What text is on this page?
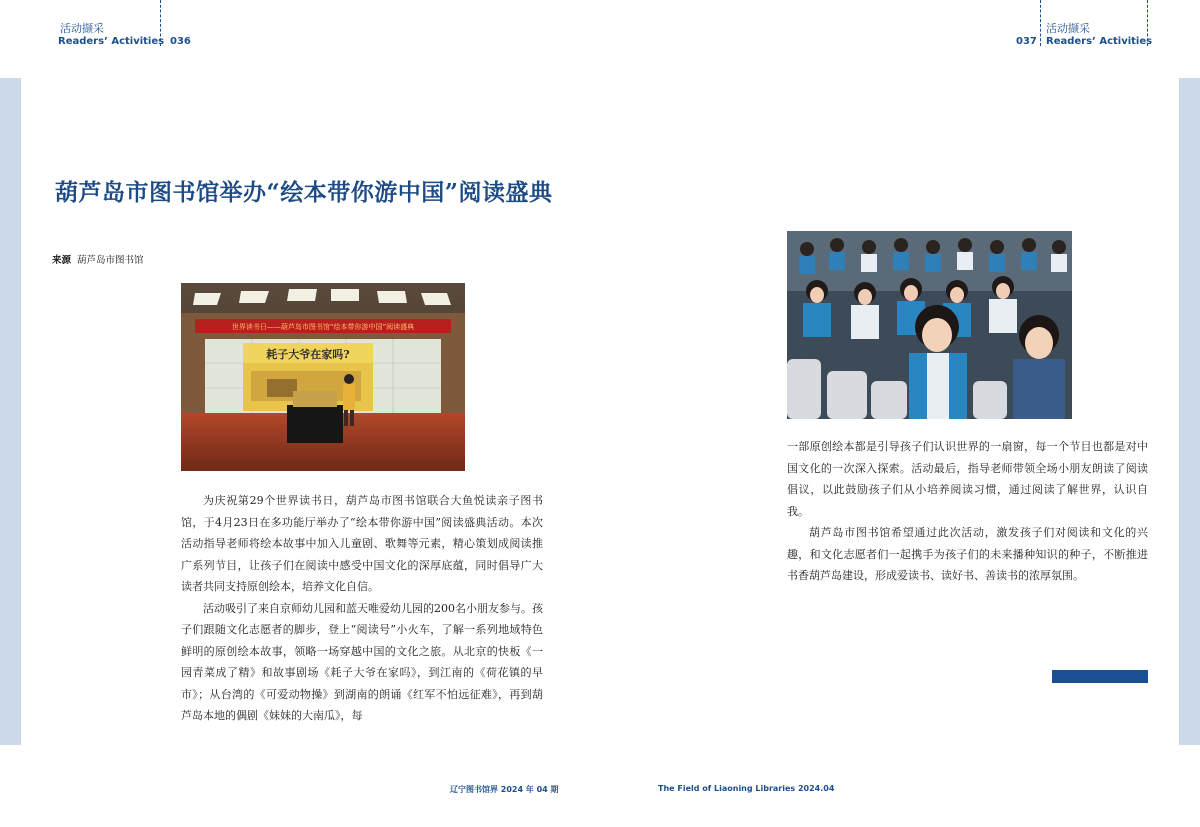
活动撷采
Readers’ Activities 036	037
活动撷采
Readers’ Activities
葫芦岛市图书馆举办“绘本带你游中国”阅读盛典
来源 葫芦岛市图书馆
世界读书日——葫芦岛市图书馆“绘本带你游中国”阅读盛典
耗子大爷在家吗?

为庆祝第29个世界读书日，葫芦岛市图书馆联合大鱼悦读亲子图书馆，于4月23日在多功能厅举办了“绘本带你游中国”阅读盛典活动。本次活动指导老师将绘本故事中加入儿童剧、歌舞等元素，精心策划成阅读推广系列节目，让孩子们在阅读中感受中国文化的深厚底蕴，同时倡导广大读者共同支持原创绘本，培养文化自信。

活动吸引了来自京师幼儿园和蓝天唯爱幼儿园的200名小朋友参与。孩子们跟随文化志愿者的脚步，登上“阅读号”小火车，了解一系列地域特色鲜明的原创绘本故事，领略一场穿越中国的文化之旅。从北京的快板《一园青菜成了精》和故事剧场《耗子大爷在家吗》，到江南的《荷花镇的早市》；从台湾的《可爱动物操》到湖南的朗诵《红军不怕远征难》，再到葫芦岛本地的偶剧《妹妹的大南瓜》，每

一部原创绘本都是引导孩子们认识世界的一扇窗，每一个节目也都是对中国文化的一次深入探索。活动最后，指导老师带领全场小朋友朗读了阅读倡议，以此鼓励孩子们从小培养阅读习惯，通过阅读了解世界，认识自我。

葫芦岛市图书馆希望通过此次活动，激发孩子们对阅读和文化的兴趣，和文化志愿者们一起携手为孩子们的未来播种知识的种子，不断推进书香葫芦岛建设，形成爱读书、读好书、善读书的浓厚氛围。

辽宁图书馆界 2024 年 04 期	The Field of Liaoning Libraries 2024.04
